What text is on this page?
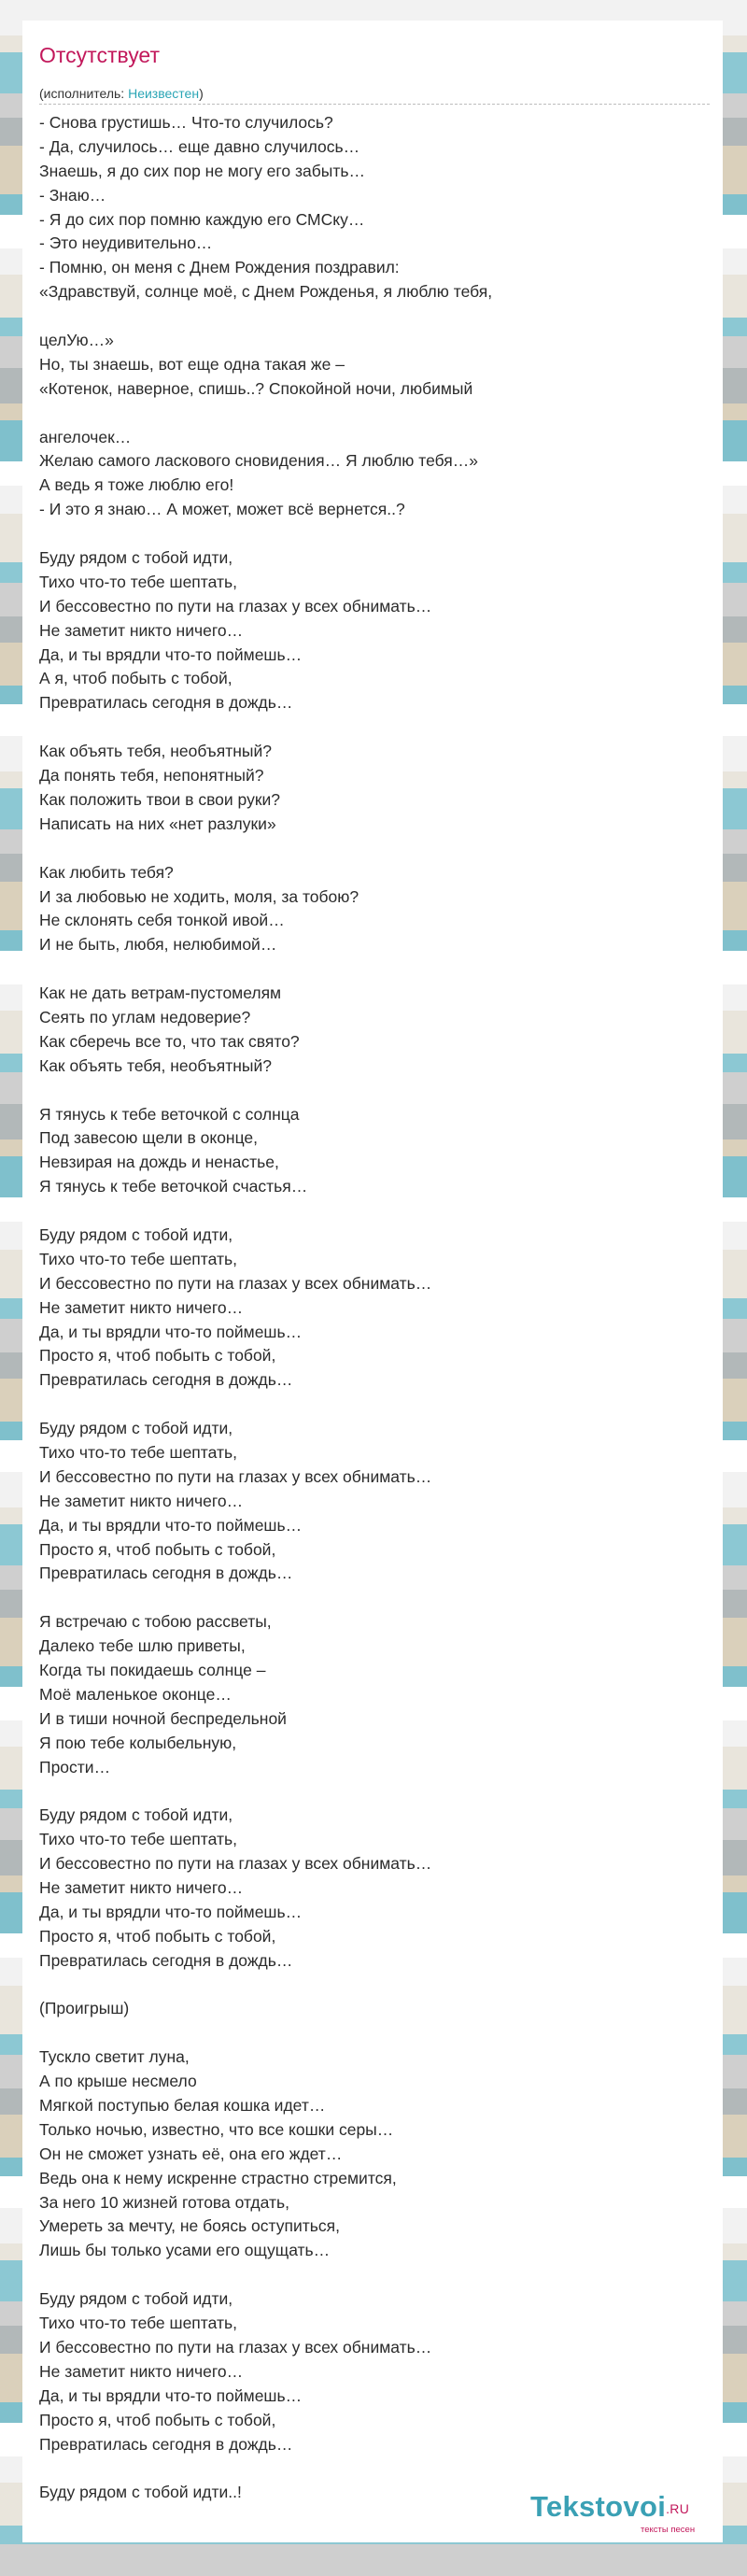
Отсутствует
(исполнитель: Неизвестен)
- Снова грустишь… Что-то случилось?
- Да, случилось… еще давно случилось…
Знаешь, я до сих пор не могу его забыть…
- Знаю…
- Я до сих пор помню каждую его СМСку…
- Это неудивительно…
- Помню, он меня с Днем Рождения поздравил:
«Здравствуй, солнце моё, с Днем Рожденья, я люблю тебя,
целУю…»
Но, ты знаешь, вот еще одна такая же –
«Котенок, наверное, спишь..? Спокойной ночи, любимый
ангелочек…
Желаю самого ласкового сновидения… Я люблю тебя…»
А ведь я тоже люблю его!
- И это я знаю… А может, может всё вернется..?
Буду рядом с тобой идти,
Тихо что-то тебе шептать,
И бессовестно по пути на глазах у всех обнимать…
Не заметит никто ничего…
Да, и ты врядли что-то поймешь…
А я, чтоб побыть с тобой,
Превратилась сегодня в дождь…
Как объять тебя, необъятный?
Да понять тебя, непонятный?
Как положить твои в свои руки?
Написать на них «нет разлуки»
Как любить тебя?
И за любовью не ходить, моля, за тобою?
Не склонять себя тонкой ивой…
И не быть, любя, нелюбимой…
Как не дать ветрам-пустомелям
Сеять по углам недоверие?
Как сберечь все то, что так свято?
Как объять тебя, необъятный?
Я тянусь к тебе веточкой с солнца
Под завесою щели в оконце,
Невзирая на дождь и ненастье,
Я тянусь к тебе веточкой счастья…
Буду рядом с тобой идти,
Тихо что-то тебе шептать,
И бессовестно по пути на глазах у всех обнимать…
Не заметит никто ничего…
Да, и ты врядли что-то поймешь…
Просто я, чтоб побыть с тобой,
Превратилась сегодня в дождь…
Буду рядом с тобой идти,
Тихо что-то тебе шептать,
И бессовестно по пути на глазах у всех обнимать…
Не заметит никто ничего…
Да, и ты врядли что-то поймешь…
Просто я, чтоб побыть с тобой,
Превратилась сегодня в дождь…
Я встречаю с тобою рассветы,
Далеко тебе шлю приветы,
Когда ты покидаешь солнце –
Моё маленькое оконце…
И в тиши ночной беспредельной
Я пою тебе колыбельную,
Прости…
Буду рядом с тобой идти,
Тихо что-то тебе шептать,
И бессовестно по пути на глазах у всех обнимать…
Не заметит никто ничего…
Да, и ты врядли что-то поймешь…
Просто я, чтоб побыть с тобой,
Превратилась сегодня в дождь…
(Проигрыш)
Тускло светит луна,
А по крыше несмело
Мягкой поступью белая кошка идет…
Только ночью, известно, что все кошки серы…
Он не сможет узнать её, она его ждет…
Ведь она к нему искренне страстно стремится,
За него 10 жизней готова отдать,
Умереть за мечту, не боясь оступиться,
Лишь бы только усами его ощущать…
Буду рядом с тобой идти,
Тихо что-то тебе шептать,
И бессовестно по пути на глазах у всех обнимать…
Не заметит никто ничего…
Да, и ты врядли что-то поймешь…
Просто я, чтоб побыть с тобой,
Превратилась сегодня в дождь…
Буду рядом с тобой идти..!	Tekstovoi.RU
тексты песен
